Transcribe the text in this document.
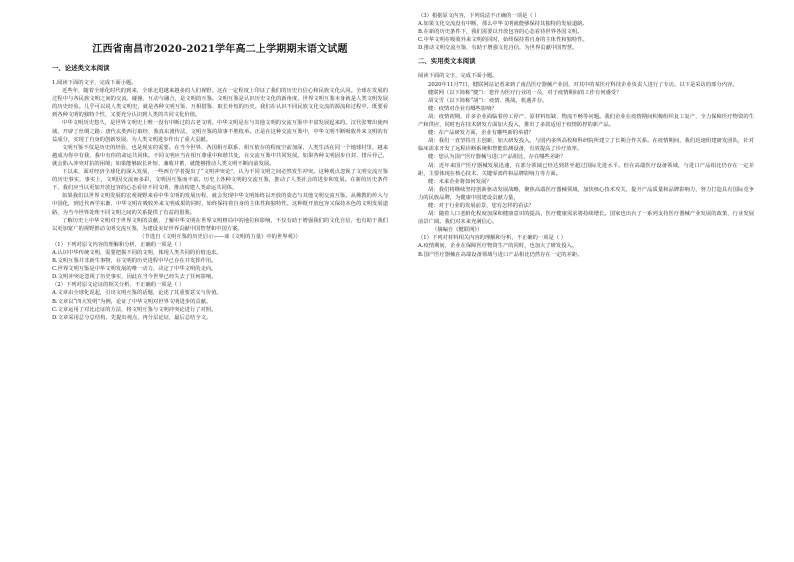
江西省南昌市2020-2021学年高二上学期期末语文试题
一、论述类文本阅读

1.阅读下面的文字，完成下面小题。

近些年，随着全球化时代的到来，全球走进越来越多的人们视野。这在一定程度上印证了我们的历史自信心和民族文化认同。全球在发展的过程中与各民族文明之间的交流、碰撞、互动与融合，是文明的互鉴。文明互鉴是认识历史文化的新角度，世界文明互鉴本身就是人类文明发展的历史经验。几乎可以说人类文明史，就是各种文明互鉴、互相借鉴、取长补短的历史。我们在认识不同民族文化交流的源流和过程中，既要看到各种文明的独特个性，又要充分认识到人类的共同文化价值。

中华文明历史悠久，是世界文明史上唯一没有中断过的古老文明。中华文明是在与其他文明的交流互鉴中丰富发展起来的。汉代张骞出使西域，开辟了丝绸之路；唐代玄奘西行取经、鉴真东渡传法，文明互鉴的故事不胜枚举。正是在这种交流互鉴中，中华文明不断吸收外来文明的有益成分，实现了自身的创新发展，为人类文明进步作出了重大贡献。

文明互鉴不仅是历史的经验，也是现实的需要。在当今世界，各国相互联系、相互依存的程度空前加深，人类生活在同一个地球村里，越来越成为你中有我、我中有你的命运共同体。不同文明应当在相互尊重中和谐共处，在交流互鉴中共同发展。如果各种文明固步自封、排斥异己，就会陷入冲突对抗的困境；如果能够取长补短、兼收并蓄，就能够推动人类文明不断向前发展。

下以来，面对经济全球化的深入发展，一些西方学者提出了“文明冲突论”，认为不同文明之间必然发生冲突。这种观点忽视了文明交流互鉴的历史事实。事实上，文明因交流而多彩，文明因互鉴而丰富。历史上各种文明的交流互鉴，推动了人类社会的进步和发展。在新的历史条件下，我们应当以更加开放包容的心态看待不同文明，推动构建人类命运共同体。

如果我们以世界文明发展的宏观视野来看中华文明的发展历程，就会发现中华文明始终以开放的姿态与其他文明交流互鉴。从佛教的传入与中国化，到近代西学东渐，中华文明在吸收外来文明成果的同时，始终保持着自身的主体性和独特性。这种既开放包容又保持本色的文明发展道路，为当今世界处理不同文明之间的关系提供了有益的借鉴。

了解历史上中华文明对于世界文明的贡献，了解中华文明在世界文明格局中的地位和影响，不仅有助于增强我们的文化自信，也有助于我们以更加宽广的视野推动文明交流互鉴，为建设美好世界贡献中国智慧和中国方案。

（节选自《文明互鉴的历史启示——谈《文明的力量》中的世界观》）

（1）下列对原文内容的理解和分析，正确的一项是（ ）

A.认识中华传统文明，需要把握不同的文明，体现人类共同的价值追求。

B.文明互鉴并非新生事物，在文明的历史进程中早已存在并发挥作用。

C.世界文明互鉴是中华文明发展的唯一动力，决定了中华文明的走向。

D.文明冲突论忽视了历史事实，因此在当今世界已经失去了任何影响。

（2）下列对原文论证的相关分析，不正确的一项是（ ）

A.文章由全球化说起，引出文明互鉴的话题，论述了其重要意义与价值。

B.文章以“四大发明”为例，论证了中华文明对世界文明进步的贡献。

C.文章运用了对比论证的方法，将文明互鉴与文明冲突论进行了对照。

D.文章采用总分总结构，先提出观点，再分层论证，最后总结全文。

（3）根据原文内容，下列说法不正确的一项是（ ）

A.如果文化交流没有中断，那么中华文明就能够保持其独特的发展道路。

B.在新的历史条件下，我们需要以开放包容的心态看待世界各国文明。

C.中华文明在吸收外来文明的同时，始终保持着自身的主体性和独特性。

D.推动文明交流互鉴，有助于增强文化自信，为世界贡献中国智慧。

二、实用类文本阅读

阅读下面的文字，完成下面小题。

2020年11月7日，健联网站记者来到了南昌医疗器械产业园，对其中的某医疗科技企业负责人进行了专访。以下是采访的部分内容。

健联网（以下简称“健”）：您作为医疗行业的一员，对于疫情期间的工作有何感受？

胡文雪（以下简称“胡”）：疫情、挑战、机遇并存。

健：疫情对企业有哪些影响？

胡：疫情初期，许多企业面临着停工停产、原材料短缺、物流不畅等问题。我们企业在疫情期间积极组织复工复产，全力保障医疗物资的生产和供应，同时也在技术研发方面加大投入，推出了多款适用于疫情防控的新产品。

健：在产品研发方面，企业有哪些新的举措？

胡：我们一直坚持自主创新，加大研发投入，与国内多所高校和科研院所建立了长期合作关系。在疫情期间，我们迅速组建研发团队，针对临床需求开发了远程诊断系统和智能监测设备，有效提高了诊疗效率。

健：您认为国产医疗器械与进口产品相比，存在哪些差距？

胡：近年来国产医疗器械发展迅速，在部分领域已经达到甚至超过国际先进水平。但在高端医疗设备领域，与进口产品相比仍存在一定差距，主要体现在核心技术、关键零部件和品牌影响力等方面。

健：未来企业将如何发展？

胡：我们将继续坚持创新驱动发展战略，聚焦高端医疗器械领域，加快核心技术攻关，提升产品质量和品牌影响力，努力打造具有国际竞争力的民族品牌，为健康中国建设贡献力量。

健：对于行业的发展前景，您有怎样的看法？

胡：随着人口老龄化程度加深和健康意识的提高，医疗健康需求将持续增长。国家也出台了一系列支持医疗器械产业发展的政策，行业发展前景广阔。我们对未来充满信心。

（摘编自《健联网》）

（1）下列对材料相关内容的理解和分析，不正确的一项是（ ）

A.疫情期间，企业在保障医疗物资生产的同时，也加大了研发投入。

B.国产医疗器械在高端设备领域与进口产品相比仍然存在一定的差距。
